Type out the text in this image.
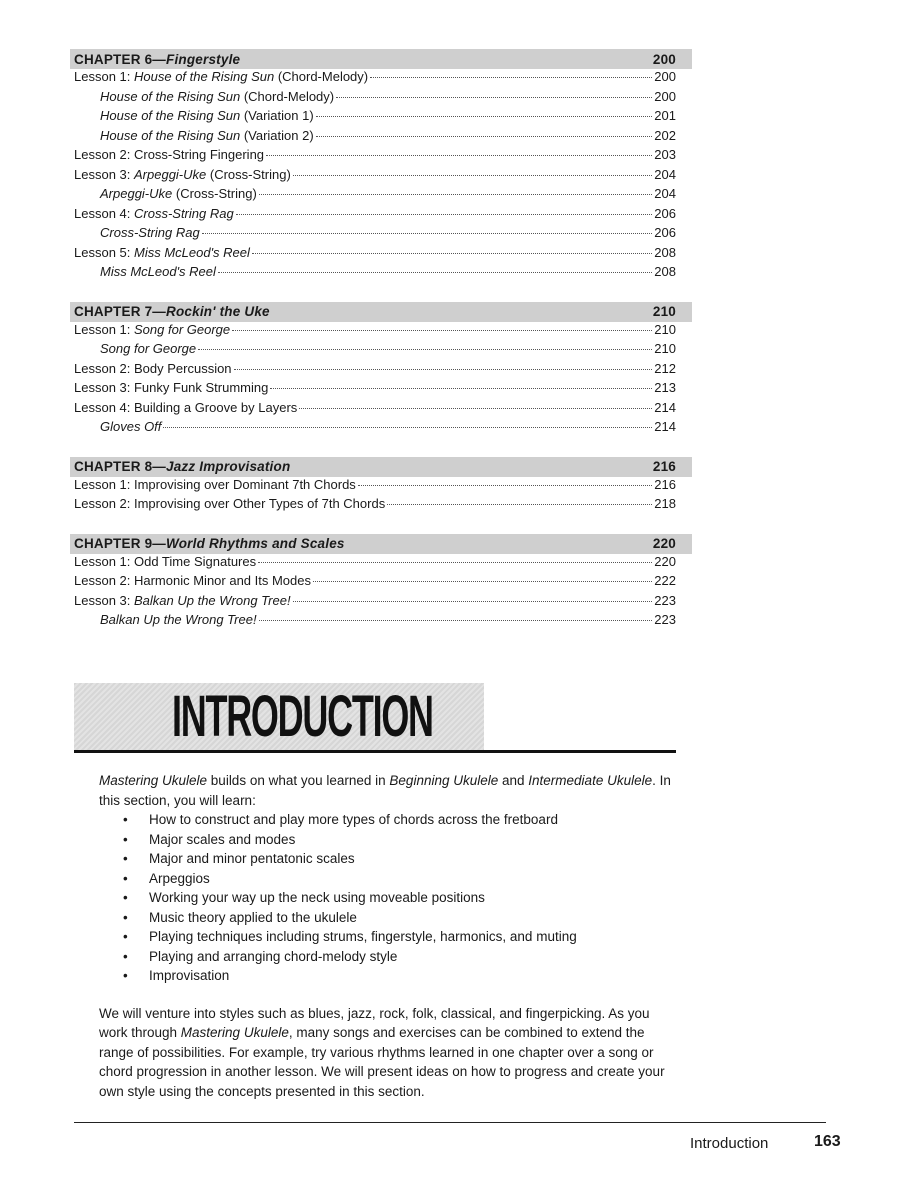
CHAPTER 6—Fingerstyle	200
Lesson 1: House of the Rising Sun (Chord-Melody)	200
House of the Rising Sun (Chord-Melody)	200
House of the Rising Sun (Variation 1)	201
House of the Rising Sun (Variation 2)	202
Lesson 2: Cross-String Fingering	203
Lesson 3: Arpeggi-Uke (Cross-String)	204
Arpeggi-Uke (Cross-String)	204
Lesson 4: Cross-String Rag	206
Cross-String Rag	206
Lesson 5: Miss McLeod's Reel	208
Miss McLeod's Reel	208
CHAPTER 7—Rockin' the Uke	210
Lesson 1: Song for George	210
Song for George	210
Lesson 2: Body Percussion	212
Lesson 3: Funky Funk Strumming	213
Lesson 4: Building a Groove by Layers	214
Gloves Off	214
CHAPTER 8—Jazz Improvisation	216
Lesson 1: Improvising over Dominant 7th Chords	216
Lesson 2: Improvising over Other Types of 7th Chords	218
CHAPTER 9—World Rhythms and Scales	220
Lesson 1: Odd Time Signatures	220
Lesson 2: Harmonic Minor and Its Modes	222
Lesson 3: Balkan Up the Wrong Tree!	223
Balkan Up the Wrong Tree!	223
INTRODUCTION

Mastering Ukulele builds on what you learned in Beginning Ukulele and Intermediate Ukulele. In this section, you will learn:

• How to construct and play more types of chords across the fretboard
• Major scales and modes
• Major and minor pentatonic scales
• Arpeggios
• Working your way up the neck using moveable positions
• Music theory applied to the ukulele
• Playing techniques including strums, fingerstyle, harmonics, and muting
• Playing and arranging chord-melody style
• Improvisation

We will venture into styles such as blues, jazz, rock, folk, classical, and fingerpicking. As you work through Mastering Ukulele, many songs and exercises can be combined to extend the range of possibilities. For example, try various rhythms learned in one chapter over a song or chord progression in another lesson. We will present ideas on how to progress and create your own style using the concepts presented in this section.

Introduction	163
